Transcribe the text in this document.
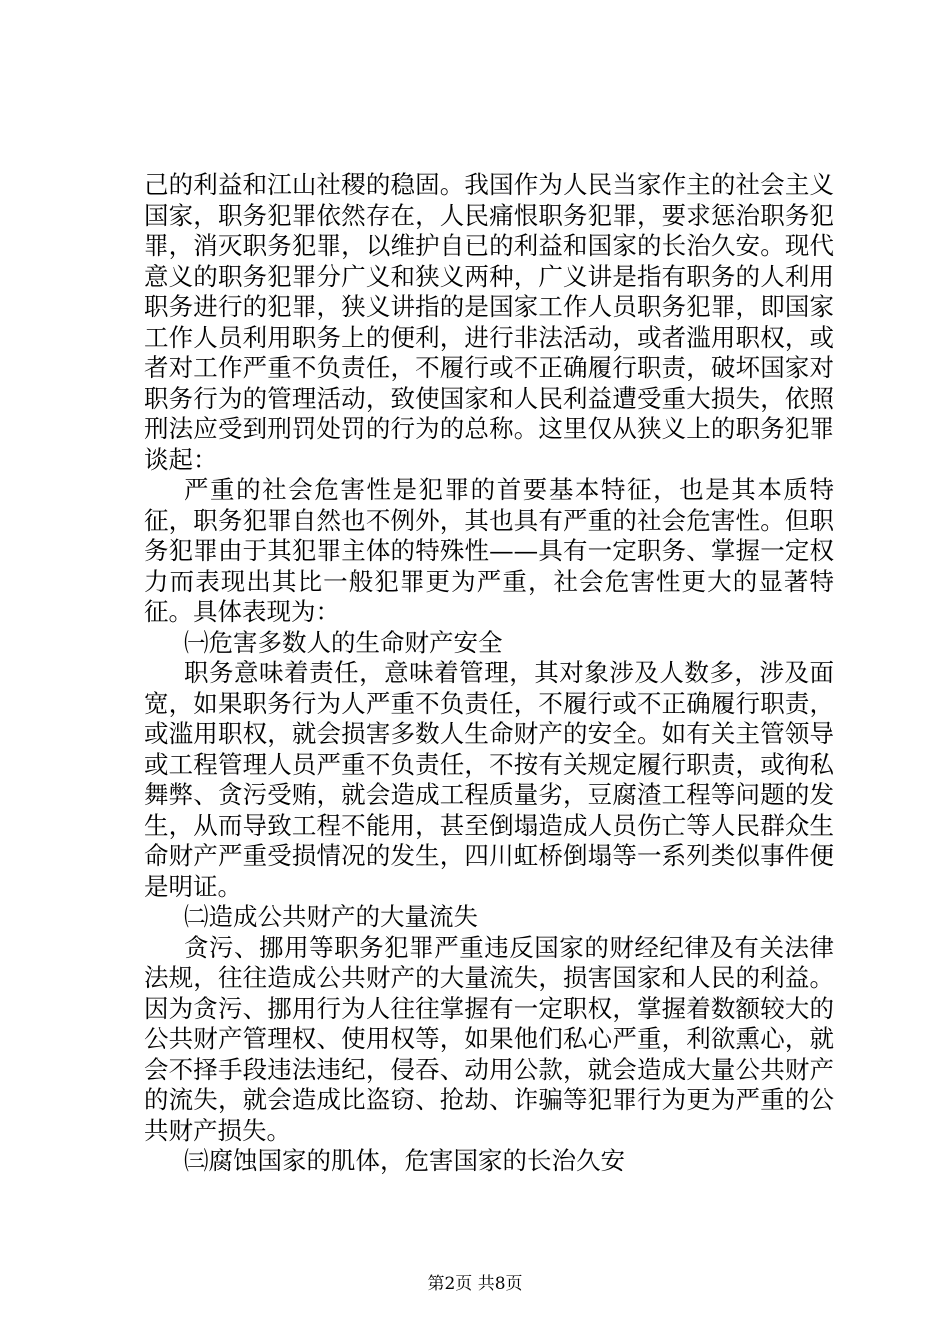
己的利益和江山社稷的稳固。我国作为人民当家作主的社会主义国家，职务犯罪依然存在，人民痛恨职务犯罪，要求惩治职务犯罪，消灭职务犯罪，以维护自已的利益和国家的长治久安。现代意义的职务犯罪分广义和狭义两种，广义讲是指有职务的人利用职务进行的犯罪，狭义讲指的是国家工作人员职务犯罪，即国家工作人员利用职务上的便利，进行非法活动，或者滥用职权，或者对工作严重不负责任，不履行或不正确履行职责，破坏国家对职务行为的管理活动，致使国家和人民利益遭受重大损失，依照刑法应受到刑罚处罚的行为的总称。这里仅从狭义上的职务犯罪谈起：

严重的社会危害性是犯罪的首要基本特征，也是其本质特征，职务犯罪自然也不例外，其也具有严重的社会危害性。但职务犯罪由于其犯罪主体的特殊性——具有一定职务、掌握一定权力而表现出其比一般犯罪更为严重，社会危害性更大的显著特征。具体表现为：

㈠危害多数人的生命财产安全

职务意味着责任，意味着管理，其对象涉及人数多，涉及面宽，如果职务行为人严重不负责任，不履行或不正确履行职责，或滥用职权，就会损害多数人生命财产的安全。如有关主管领导或工程管理人员严重不负责任，不按有关规定履行职责，或徇私舞弊、贪污受贿，就会造成工程质量劣，豆腐渣工程等问题的发生，从而导致工程不能用，甚至倒塌造成人员伤亡等人民群众生命财产严重受损情况的发生，四川虹桥倒塌等一系列类似事件便是明证。

㈡造成公共财产的大量流失

贪污、挪用等职务犯罪严重违反国家的财经纪律及有关法律法规，往往造成公共财产的大量流失，损害国家和人民的利益。因为贪污、挪用行为人往往掌握有一定职权，掌握着数额较大的公共财产管理权、使用权等，如果他们私心严重，利欲熏心，就会不择手段违法违纪，侵吞、动用公款，就会造成大量公共财产的流失，就会造成比盗窃、抢劫、诈骗等犯罪行为更为严重的公共财产损失。

㈢腐蚀国家的肌体，危害国家的长治久安

第2页 共8页
